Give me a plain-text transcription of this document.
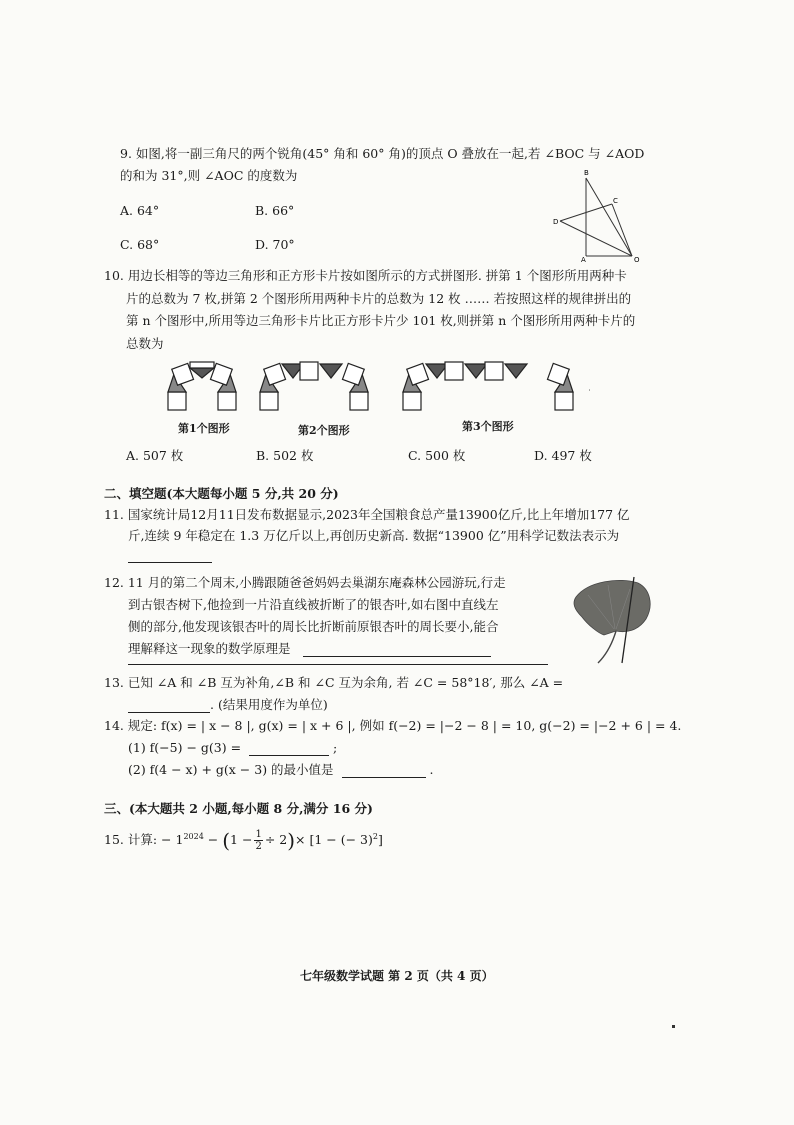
9. 如图,将一副三角尺的两个锐角(45° 角和 60° 角)的顶点 O 叠放在一起,若 ∠BOC 与 ∠AOD
的和为 31°,则 ∠AOC 的度数为
A. 64°	B. 66°
C. 68°	D. 70°
B
C
D
A	O
10. 用边长相等的等边三角形和正方形卡片按如图所示的方式拼图形. 拼第 1 个图形所用两种卡
片的总数为 7 枚,拼第 2 个图形所用两种卡片的总数为 12 枚 …… 若按照这样的规律拼出的
第 n 个图形中,所用等边三角形卡片比正方形卡片少 101 枚,则拼第 n 个图形所用两种卡片的
总数为
第1个图形	第2个图形	第3个图形
A. 507 枚	B. 502 枚	C. 500 枚	D. 497 枚
二、填空题(本大题每小题 5 分,共 20 分)
11. 国家统计局12月11日发布数据显示,2023年全国粮食总产量13900亿斤,比上年增加177 亿
斤,连续 9 年稳定在 1.3 万亿斤以上,再创历史新高. 数据“13900 亿”用科学记数法表示为
12. 11 月的第二个周末,小腾跟随爸爸妈妈去巢湖东庵森林公园游玩,行走
到古银杏树下,他捡到一片沿直线被折断了的银杏叶,如右图中直线左
侧的部分,他发现该银杏叶的周长比折断前原银杏叶的周长要小,能合
理解释这一现象的数学原理是
13. 已知 ∠A 和 ∠B 互为补角,∠B 和 ∠C 互为余角, 若 ∠C = 58°18′, 那么 ∠A =
. (结果用度作为单位)
14. 规定: f(x) = | x − 8 |, g(x) = | x + 6 |, 例如 f(−2) = |−2 − 8 | = 10, g(−2) = |−2 + 6 | = 4.
(1) f(−5) − g(3) =	;
(2) f(4 − x) + g(x − 3) 的最小值是	.
三、(本大题共 2 小题,每小题 8 分,满分 16 分)
15. 计算: − $1^{2024} - (1 - \frac{1}{2} \div 2)\times [1$ − (− 3)$^2$]
七年级数学试题 第 2 页（共 4 页）
